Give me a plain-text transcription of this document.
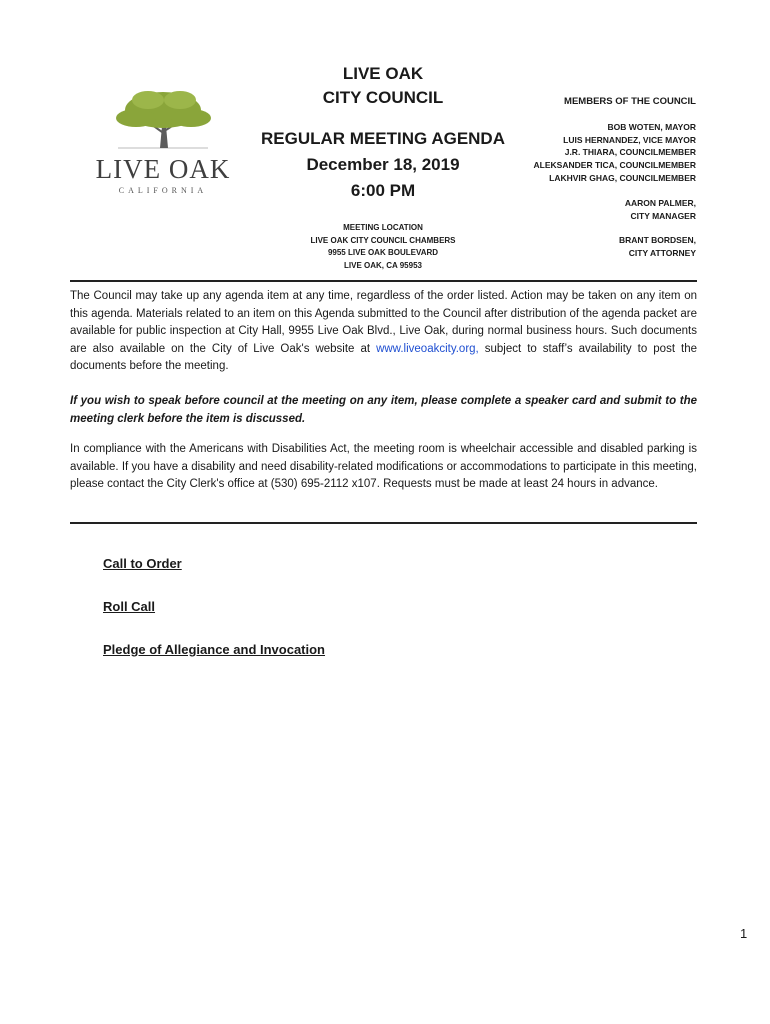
LIVE OAK
CALIFORNIA
LIVE OAK
CITY COUNCIL
REGULAR MEETING AGENDA
December 18, 2019
6:00 PM
MEETING LOCATION
LIVE OAK CITY COUNCIL CHAMBERS
9955 LIVE OAK BOULEVARD
LIVE OAK, CA 95953
MEMBERS OF THE COUNCIL
BOB WOTEN, MAYOR
LUIS HERNANDEZ, VICE MAYOR
J.R. THIARA, COUNCILMEMBER
ALEKSANDER TICA, COUNCILMEMBER
LAKHVIR GHAG, COUNCILMEMBER
AARON PALMER,
CITY MANAGER
BRANT BORDSEN,
CITY ATTORNEY
The Council may take up any agenda item at any time, regardless of the order listed. Action may be taken on any item on this agenda. Materials related to an item on this Agenda submitted to the Council after distribution of the agenda packet are available for public inspection at City Hall, 9955 Live Oak Blvd., Live Oak, during normal business hours. Such documents are also available on the City of Live Oak's website at www.liveoakcity.org, subject to staff’s availability to post the documents before the meeting.
If you wish to speak before council at the meeting on any item, please complete a speaker card and submit to the meeting clerk before the item is discussed.
In compliance with the Americans with Disabilities Act, the meeting room is wheelchair accessible and disabled parking is available. If you have a disability and need disability-related modifications or accommodations to participate in this meeting, please contact the City Clerk's office at (530) 695-2112 x107. Requests must be made at least 24 hours in advance.
Call to Order
Roll Call
Pledge of Allegiance and Invocation
1
